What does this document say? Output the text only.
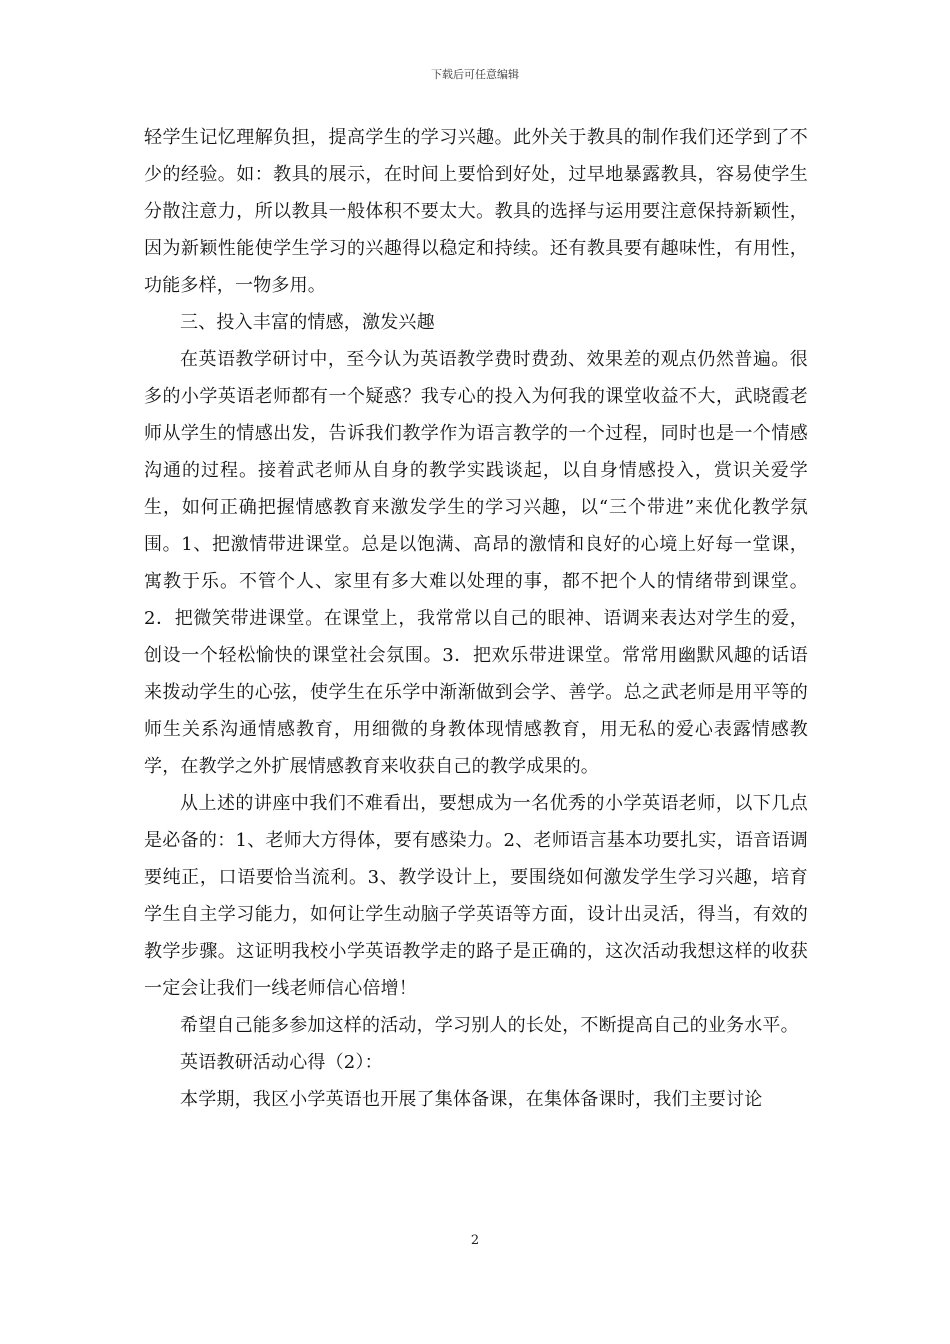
下载后可任意编辑

轻学生记忆理解负担，提高学生的学习兴趣。此外关于教具的制作我们还学到了不少的经验。如：教具的展示，在时间上要恰到好处，过早地暴露教具，容易使学生分散注意力，所以教具一般体积不要太大。教具的选择与运用要注意保持新颖性，因为新颖性能使学生学习的兴趣得以稳定和持续。还有教具要有趣味性，有用性，功能多样，一物多用。

三、投入丰富的情感，激发兴趣

在英语教学研讨中，至今认为英语教学费时费劲、效果差的观点仍然普遍。很多的小学英语老师都有一个疑惑？我专心的投入为何我的课堂收益不大，武晓霞老师从学生的情感出发，告诉我们教学作为语言教学的一个过程，同时也是一个情感沟通的过程。接着武老师从自身的教学实践谈起，以自身情感投入，赏识关爱学生，如何正确把握情感教育来激发学生的学习兴趣，以“三个带进”来优化教学氛围。1、把激情带进课堂。总是以饱满、高昂的激情和良好的心境上好每一堂课，寓教于乐。不管个人、家里有多大难以处理的事，都不把个人的情绪带到课堂。2．把微笑带进课堂。在课堂上，我常常以自己的眼神、语调来表达对学生的爱，创设一个轻松愉快的课堂社会氛围。3．把欢乐带进课堂。常常用幽默风趣的话语来拨动学生的心弦，使学生在乐学中渐渐做到会学、善学。总之武老师是用平等的师生关系沟通情感教育，用细微的身教体现情感教育，用无私的爱心表露情感教学，在教学之外扩展情感教育来收获自己的教学成果的。

从上述的讲座中我们不难看出，要想成为一名优秀的小学英语老师，以下几点是必备的：1、老师大方得体，要有感染力。2、老师语言基本功要扎实，语音语调要纯正，口语要恰当流利。3、教学设计上，要围绕如何激发学生学习兴趣，培育学生自主学习能力，如何让学生动脑子学英语等方面，设计出灵活，得当，有效的教学步骤。这证明我校小学英语教学走的路子是正确的，这次活动我想这样的收获一定会让我们一线老师信心倍增！

希望自己能多参加这样的活动，学习别人的长处，不断提高自己的业务水平。

英语教研活动心得（2）：

本学期，我区小学英语也开展了集体备课，在集体备课时，我们主要讨论

2
